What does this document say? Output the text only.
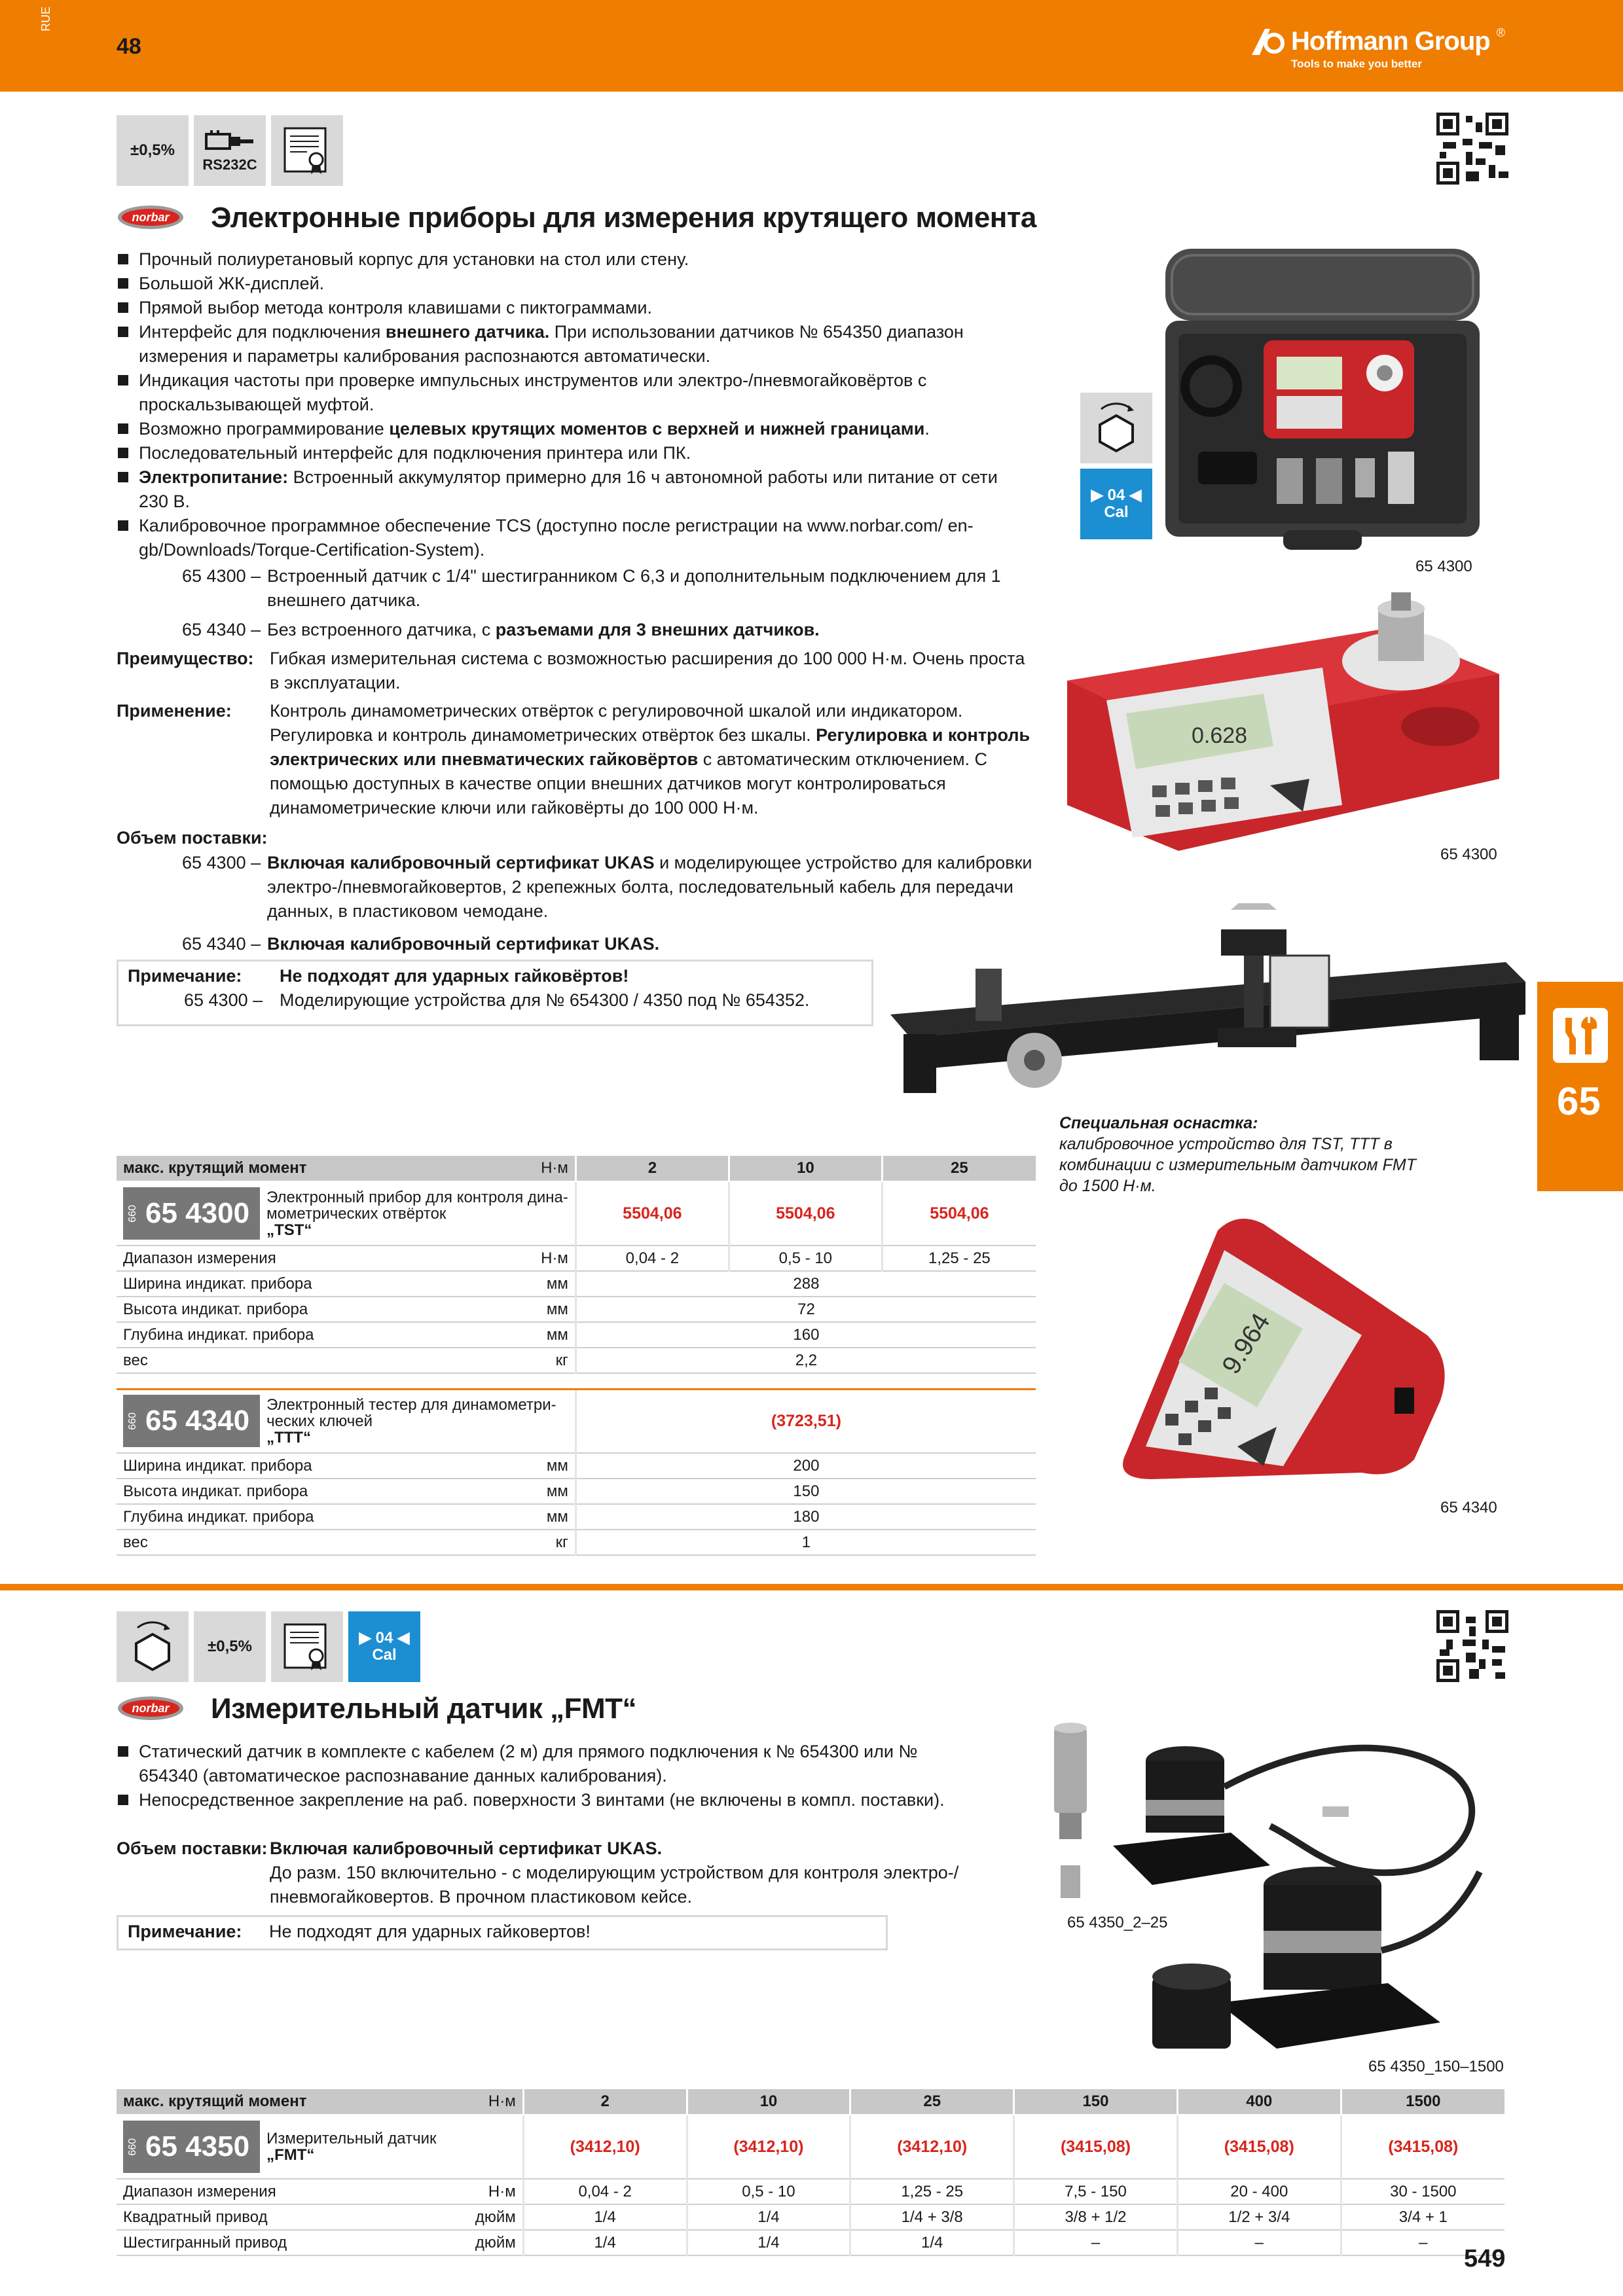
RUE
48	Hoffmann Group ®
Tools to make you better
±0,5%
RS232C
norbar Электронные приборы для измерения крутящего момента
Прочный полиуретановый корпус для установки на стол или стену.
Большой ЖК-дисплей.
Прямой выбор метода контроля клавишами с пиктограммами.
Интерфейс для подключения внешнего датчика. При использовании датчиков № 654350 диапазон измерения и параметры калибрования распознаются автоматически.
Индикация частоты при проверке импульсных инструментов или электро-/пневмогайковёртов с проскальзывающей муфтой.
Возможно программирование целевых крутящих моментов с верхней и нижней границами.
Последовательный интерфейс для подключения принтера или ПК.
Электропитание: Встроенный аккумулятор примерно для 16 ч автономной работы или питание от сети 230 В.
Калибровочное программное обеспечение TCS (доступно после регистрации на www.norbar.com/ en-gb/Downloads/Torque-Certification-System).
65 4300 – Встроенный датчик с 1/4" шестигранником C 6,3 и дополнительным подключением для 1 внешнего датчика.
65 4340 – Без встроенного датчика, с разъемами для 3 внешних датчиков.
Преимущество: Гибкая измерительная система с возможностью расширения до 100 000 Н·м. Очень проста в эксплуатации.
Применение:	Контроль динамометрических отвёрток с регулировочной шкалой или индикатором. Регулировка и контроль динамометрических отвёрток без шкалы. Регулировка и контроль электрических или пневматических гайковёртов с автоматическим отключением. С помощью доступных в качестве опции внешних датчиков могут контролироваться динамометрические ключи или гайковёрты до 100 000 Н·м.
Объем поставки:
65 4300 – Включая калибровочный сертификат UKAS и моделирующее устройство для калибровки электро-/пневмогайковертов, 2 крепежных болта, последовательный кабель для передачи данных, в пластиковом чемодане.
65 4340 – Включая калибровочный сертификат UKAS.
Примечание:	Не подходят для ударных гайковёртов!
65 4300 – Моделирующие устройства для № 654300 / 4350 под № 654352.
▶ 04 ◀
Cal
65 4300
0.628
65 4300
Специальная оснастка:
калибровочное устройство для TST, TTT в комбинации с измерительным датчиком FMT до 1500 Н·м.
9.964
65 4340
65
макс. крутящий момент	Н·м	2	10	25

660 65 4300 Электронный прибор для контроля дина-
мометрических отвёрток
„TST“		5504,06	5504,06	5504,06
Диапазон измерения	Н·м	0,04 - 2	0,5 - 10	1,25 - 25
Ширина индикат. прибора	мм	288		
Высота индикат. прибора	мм	72		
Глубина индикат. прибора	мм	160		
вес	кг	2,2		

660 65 4340 Электронный тестер для динамометри-
ческих ключей
„TTT“		(3723,51)		
Ширина индикат. прибора	мм	200		
Высота индикат. прибора	мм	150		
Глубина индикат. прибора	мм	180		
вес	кг	1		
±0,5%	▶ 04 ◀
Cal
norbar Измерительный датчик „FMT“
Статический датчик в комплекте с кабелем (2 м) для прямого подключения к № 654300 или № 654340 (автоматическое распознавание данных калибрования).
Непосредственное закрепление на раб. поверхности 3 винтами (не включены в компл. поставки).
Объем поставки: Включая калибровочный сертификат UKAS.
До разм. 150 включительно - с моделирующим устройством для контроля электро-/пневмогайковертов. В прочном пластиковом кейсе.
Примечание:	Не подходят для ударных гайковертов!	65 4350_2–25
65 4350_150–1500
макс. крутящий момент	Н·м	2	10	25	150	400	1500

660 65 4350 Измерительный датчик
„FMT“		(3412,10)	(3412,10)	(3412,10)	(3415,08)	(3415,08)	(3415,08)
Диапазон измерения	Н·м	0,04 - 2	0,5 - 10	1,25 - 25	7,5 - 150	20 - 400	30 - 1500
Квадратный привод	дюйм	1/4	1/4	1/4 + 3/8	3/8 + 1/2	1/2 + 3/4	3/4 + 1
Шестигранный привод	дюйм	1/4	1/4	1/4	–	–	–
549
